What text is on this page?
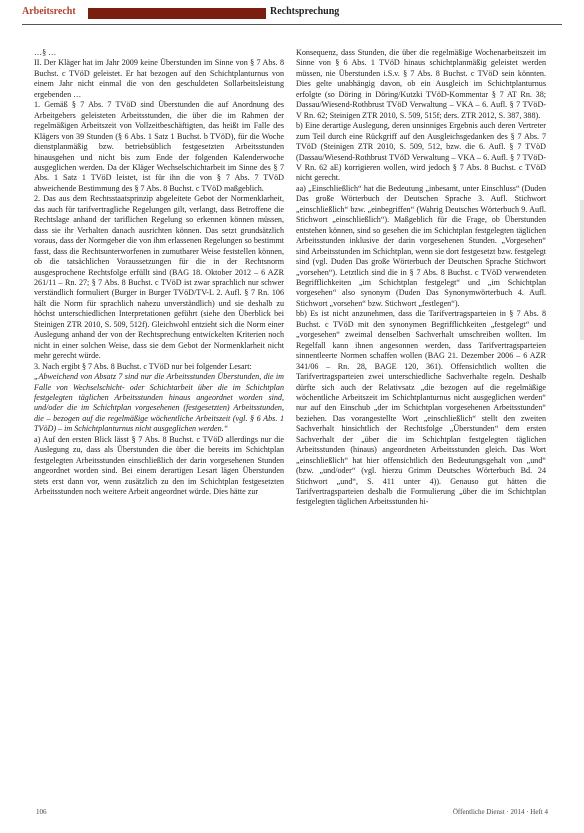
Arbeitsrecht	Rechtsprechung

…§ …

II. Der Kläger hat im Jahr 2009 keine Überstunden im Sinne von § 7 Abs. 8 Buchst. c TVöD geleistet. Er hat bezogen auf den Schichtplanturnus von einem Jahr nicht einmal die von den geschuldeten Sollarbeitsleistung ergebenden …

1. Gemäß § 7 Abs. 7 TVöD sind Überstunden die auf Anordnung des Arbeitgebers geleisteten Arbeitsstunden, die über die im Rahmen der regelmäßigen Arbeitszeit von Vollzeitbeschäftigten, das heißt im Falle des Klägers von 39 Stunden (§ 6 Abs. 1 Satz 1 Buchst. b TVöD), für die Woche dienstplanmäßig bzw. betriebsüblich festgesetzten Arbeitsstunden hinausgehen und nicht bis zum Ende der folgenden Kalenderwoche ausgeglichen werden. Da der Kläger Wechselschichtarbeit im Sinne des § 7 Abs. 1 Satz 1 TVöD leistet, ist für ihn die von § 7 Abs. 7 TVöD abweichende Bestimmung des § 7 Abs. 8 Buchst. c TVöD maßgeblich.

2. Das aus dem Rechtsstaatsprinzip abgeleitete Gebot der Normenklarheit, das auch für tarifvertragliche Regelungen gilt, verlangt, dass Betroffene die Rechtslage anhand der tariflichen Regelung so erkennen können müssen, dass sie ihr Verhalten danach ausrichten können. Das setzt grundsätzlich voraus, dass der Normgeber die von ihm erlassenen Regelungen so bestimmt fasst, dass die Rechtsunterworfenen in zumutbarer Weise feststellen können, ob die tatsächlichen Voraussetzungen für die in der Rechtsnorm ausgesprochene Rechtsfolge erfüllt sind (BAG 18. Oktober 2012 – 6 AZR 261/11 – Rn. 27; § 7 Abs. 8 Buchst. c TVöD ist zwar sprachlich nur schwer verständlich formuliert (Burger in Burger TVöD/TV-L 2. Aufl. § 7 Rn. 106 hält die Norm für sprachlich nahezu unverständlich) und sie deshalb zu höchst unterschiedlichen Interpretationen geführt (siehe den Überblick bei Steinigen ZTR 2010, S. 509, 512f). Gleichwohl entzieht sich die Norm einer Auslegung anhand der von der Rechtsprechung entwickelten Kriterien noch nicht in einer solchen Weise, dass sie dem Gebot der Normenklarheit nicht mehr gerecht würde.

3. Nach ergibt § 7 Abs. 8 Buchst. c TVöD nur bei folgender Lesart:

„Abweichend von Absatz 7 sind nur die Arbeitsstunden Überstunden, die im Falle von Wechselschicht- oder Schichtarbeit über die im Schichtplan festgelegten täglichen Arbeitsstunden hinaus angeordnet worden sind, und/oder die im Schichtplan vorgesehenen (festgesetzten) Arbeitsstunden, die – bezogen auf die regelmäßige wöchentliche Arbeitszeit (vgl. § 6 Abs. 1 TVöD) – im Schichtplanturnus nicht ausgeglichen werden.“

a) Auf den ersten Blick lässt § 7 Abs. 8 Buchst. c TVöD allerdings nur die Auslegung zu, dass als Überstunden die über die bereits im Schichtplan festgelegten Arbeitsstunden einschließlich der darin vorgesehenen Stunden angeordnet worden sind. Bei einem derartigen Lesart lägen Überstunden stets erst dann vor, wenn zusätzlich zu den im Schichtplan festgesetzten Arbeitsstunden noch weitere Arbeit angeordnet würde. Dies hätte zur

Konsequenz, dass Stunden, die über die regelmäßige Wochenarbeitszeit im Sinne von § 6 Abs. 1 TVöD hinaus schichtplanmäßig geleistet werden müssen, nie Überstunden i.S.v. § 7 Abs. 8 Buchst. c TVöD sein könnten. Dies gelte unabhängig davon, ob ein Ausgleich im Schichtplanturnus erfolgte (so Döring in Döring/Kutzki TVöD-Kommentar § 7 AT Rn. 38; Dassau/Wiesend-Rothbrust TVöD Verwaltung – VKA – 6. Aufl. § 7 TVöD-V Rn. 62; Steinigen ZTR 2010, S. 509, 515f; ders. ZTR 2012, S. 387, 388).

b) Eine derartige Auslegung, deren unsinniges Ergebnis auch deren Vertreter zum Teil durch eine Rückgriff auf den Ausgleichsgedanken des § 7 Abs. 7 TVöD (Steinigen ZTR 2010, S. 509, 512, bzw. die 6. Aufl. § 7 TVöD (Dassau/Wiesend-Rothbrust TVöD Verwaltung – VKA – 6. Aufl. § 7 TVöD-V Rn. 62 aE) korrigieren wollen, wird jedoch § 7 Abs. 8 Buchst. c TVöD nicht gerecht.

aa) „Einschließlich“ hat die Bedeutung „inbesamt, unter Einschluss“ (Duden Das große Wörterbuch der Deutschen Sprache 3. Aufl. Stichwort „einschließlich“ bzw. „einbegriffen“ (Wahrig Deutsches Wörterbuch 9. Aufl. Stichwort „einschließlich“). Maßgeblich für die Frage, ob Überstunden entstehen können, sind so gesehen die im Schichtplan festgelegten täglichen Arbeitsstunden inklusive der darin vorgesehenen Stunden. „Vorgesehen“ sind Arbeitsstunden im Schichtplan, wenn sie dort festgesetzt bzw. festgelegt sind (vgl. Duden Das große Wörterbuch der Deutschen Sprache Stichwort „vorsehen“). Letztlich sind die in § 7 Abs. 8 Buchst. c TVöD verwendeten Begrifflichkeiten „im Schichtplan festgelegt“ und „im Schichtplan vorgesehen“ also synonym (Duden Das Synonymwörterbuch 4. Aufl. Stichwort „vorsehen“ bzw. Stichwort „festlegen“).

bb) Es ist nicht anzunehmen, dass die Tarifvertragsparteien in § 7 Abs. 8 Buchst. c TVöD mit den synonymen Begrifflichkeiten „festgelegt“ und „vorgesehen“ zweimal denselben Sachverhalt umschreiben wollten. Im Regelfall kann ihnen angesonnen werden, dass Tarifvertragsparteien sinnentleerte Normen schaffen wollen (BAG 21. Dezember 2006 – 6 AZR 341/06 – Rn. 28, BAGE 120, 361). Offensichtlich wollten die Tarifvertragsparteien zwei unterschiedliche Sachverhalte regeln. Deshalb dürfte sich auch der Relativsatz „die bezogen auf die regelmäßige wöchentliche Arbeitszeit im Schichtplanturnus nicht ausgeglichen werden“ nur auf den Einschub „der im Schichtplan vorgesehenen Arbeitsstunden“ beziehen. Das vorangestellte Wort „einschließlich“ stellt den zweiten Sachverhalt hinsichtlich der Rechtsfolge „Überstunden“ dem ersten Sachverhalt der „über die im Schichtplan festgelegten täglichen Arbeitsstunden (hinaus) angeordneten Arbeitsstunden gleich. Das Wort „einschließlich“ hat hier offensichtlich den Bedeutungsgehalt von „und“ (bzw. „und/oder“ (vgl. hierzu Grimm Deutsches Wörterbuch Bd. 24 Stichwort „und“, S. 411 unter 4)). Genauso gut hätten die Tarifvertragsparteien deshalb die Formulierung „über die im Schichtplan festgelegten täglichen Arbeitsstunden hi-

106	Öffentliche Dienst · 2014 · Heft 4
